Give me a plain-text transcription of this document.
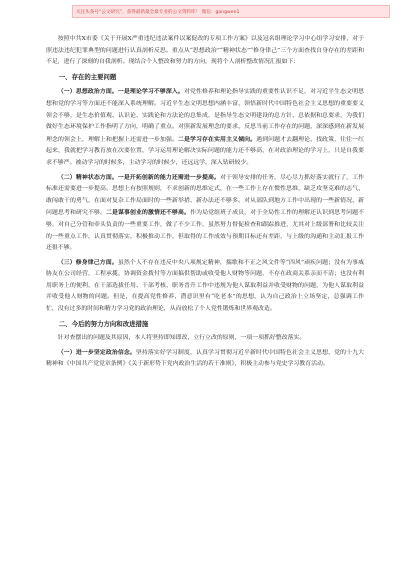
关注头条号“公文研究”，获得最新最全最专业的公文资料库！ 微信：gongwen1

按照中共X市委《关于开展X严重违纪违法案件以案促改的专项工作方案》以及冠名组理论学习中心组学习安排，对于照违法违纪犯罪典型的问题进行认真剖析反思。重点从“思想政治”“精神状态”“修身律己”三个方面查找自身存在的差距和不足，进行了深刻的自我剖析。现结合个人整改和努力的方向，现将个人剖析整改情况汇报如下：

一、存在的主要问题

（一）思想政治方面。一是理论学习不够深入。对党性修养和理论指导实践的重要性认识不足，对习近平生态文明思想和党的学习等方面还不能深入系统理解。习近平生态文明思想内涵丰富，领悟新时代中国特色社会主义思想的重要要义领会不够，是生态价值观、认识论、实践论和方法论的总集成，是指导生态文明建设的总方针、总依据和总要求，为我们做好生态环境保护工作指明了方向，明确了重点。对照新发展理念的要求，反思当前工作存在的问题，深深感到在新发展理念的领会上，理解上和把握上还需进一步加强。二是学习存在实用主义倾向。遇到问题才去翻理论、找政策，往往一红起来，我就把学习教育放在次要位置，学习运用理论解决实际问题的能力还不够高，在对政治理论的学习上，只是自我要求不够严。被动学习的时候多，主动学习的时候少，还远远学，深入钻研较少。

（二）精神状态方面。一是开拓创新的能力还需进一步提高。对于领导安排的任务，尽心尽力抓好落实就行了，工作标准还需要进一步提高。思想上有按照规则，不求创新的思维定式，在一些工作上存在惯性思维，缺乏攻坚克难的志气、敢闯敢干的勇气，在面对复杂工作局面时的一些新举措、新办法还不够多。对从部队到地方工作中出现的一些新情况、新问题思考和研究不够。二是谋事创业的激情还不够高。作为局党组班子成员，对于全局性工作的理解还认识到思考问题不够，对自己分管和牵头负责的一些重要工作，做了不少工作，虽然努力督促检查和跟踪推进，尤其对上级部署和比较关注的一些重点工作，认真贯彻落实，积极推动工作，但取得的工作成效与预期目标还有差距，与上级的沟通和主动汇报工作还很不够。

（三）修身律己方面。虽然个人不存在违反中央八项规定精神，揣歌和不正之风文件等“四风”顽疾问题；没有为事威胁友在公司经营，工程承揽，协调资金拨付等方面搞供帮助或收受他人财物等问题，不存在政商关系亲而不清；也没有利用职务上的便利，在干部选拔任用、干部考核、职务晋升工作中违规为他人谋取利益并收受财物的问题，为他人谋取利益并收受他人财物的问题。但是，在提高党性修养，潜意识里有“吃老本”的思想，认为自己政治上立场坚定，总强调工作忙，没有过多的时间和精力学习党的政治理论，从而放松了个人党性锻炼和世界观改造。

二、今后的努力方向和改进措施

针对查摆出的问题及其原因，本人将坚持即知即改，立行立改的原则，一项一项抓好整改落实。

（一）进一步坚定政治信念。坚持落实好学习制度，认真学习贯彻习近平新时代中国特色社会主义思想、党的十九大精神和《中国共产党党章条例》《关于新形势下党内政治生活的若干准则》，积极主动参与党史学习教育活动。
